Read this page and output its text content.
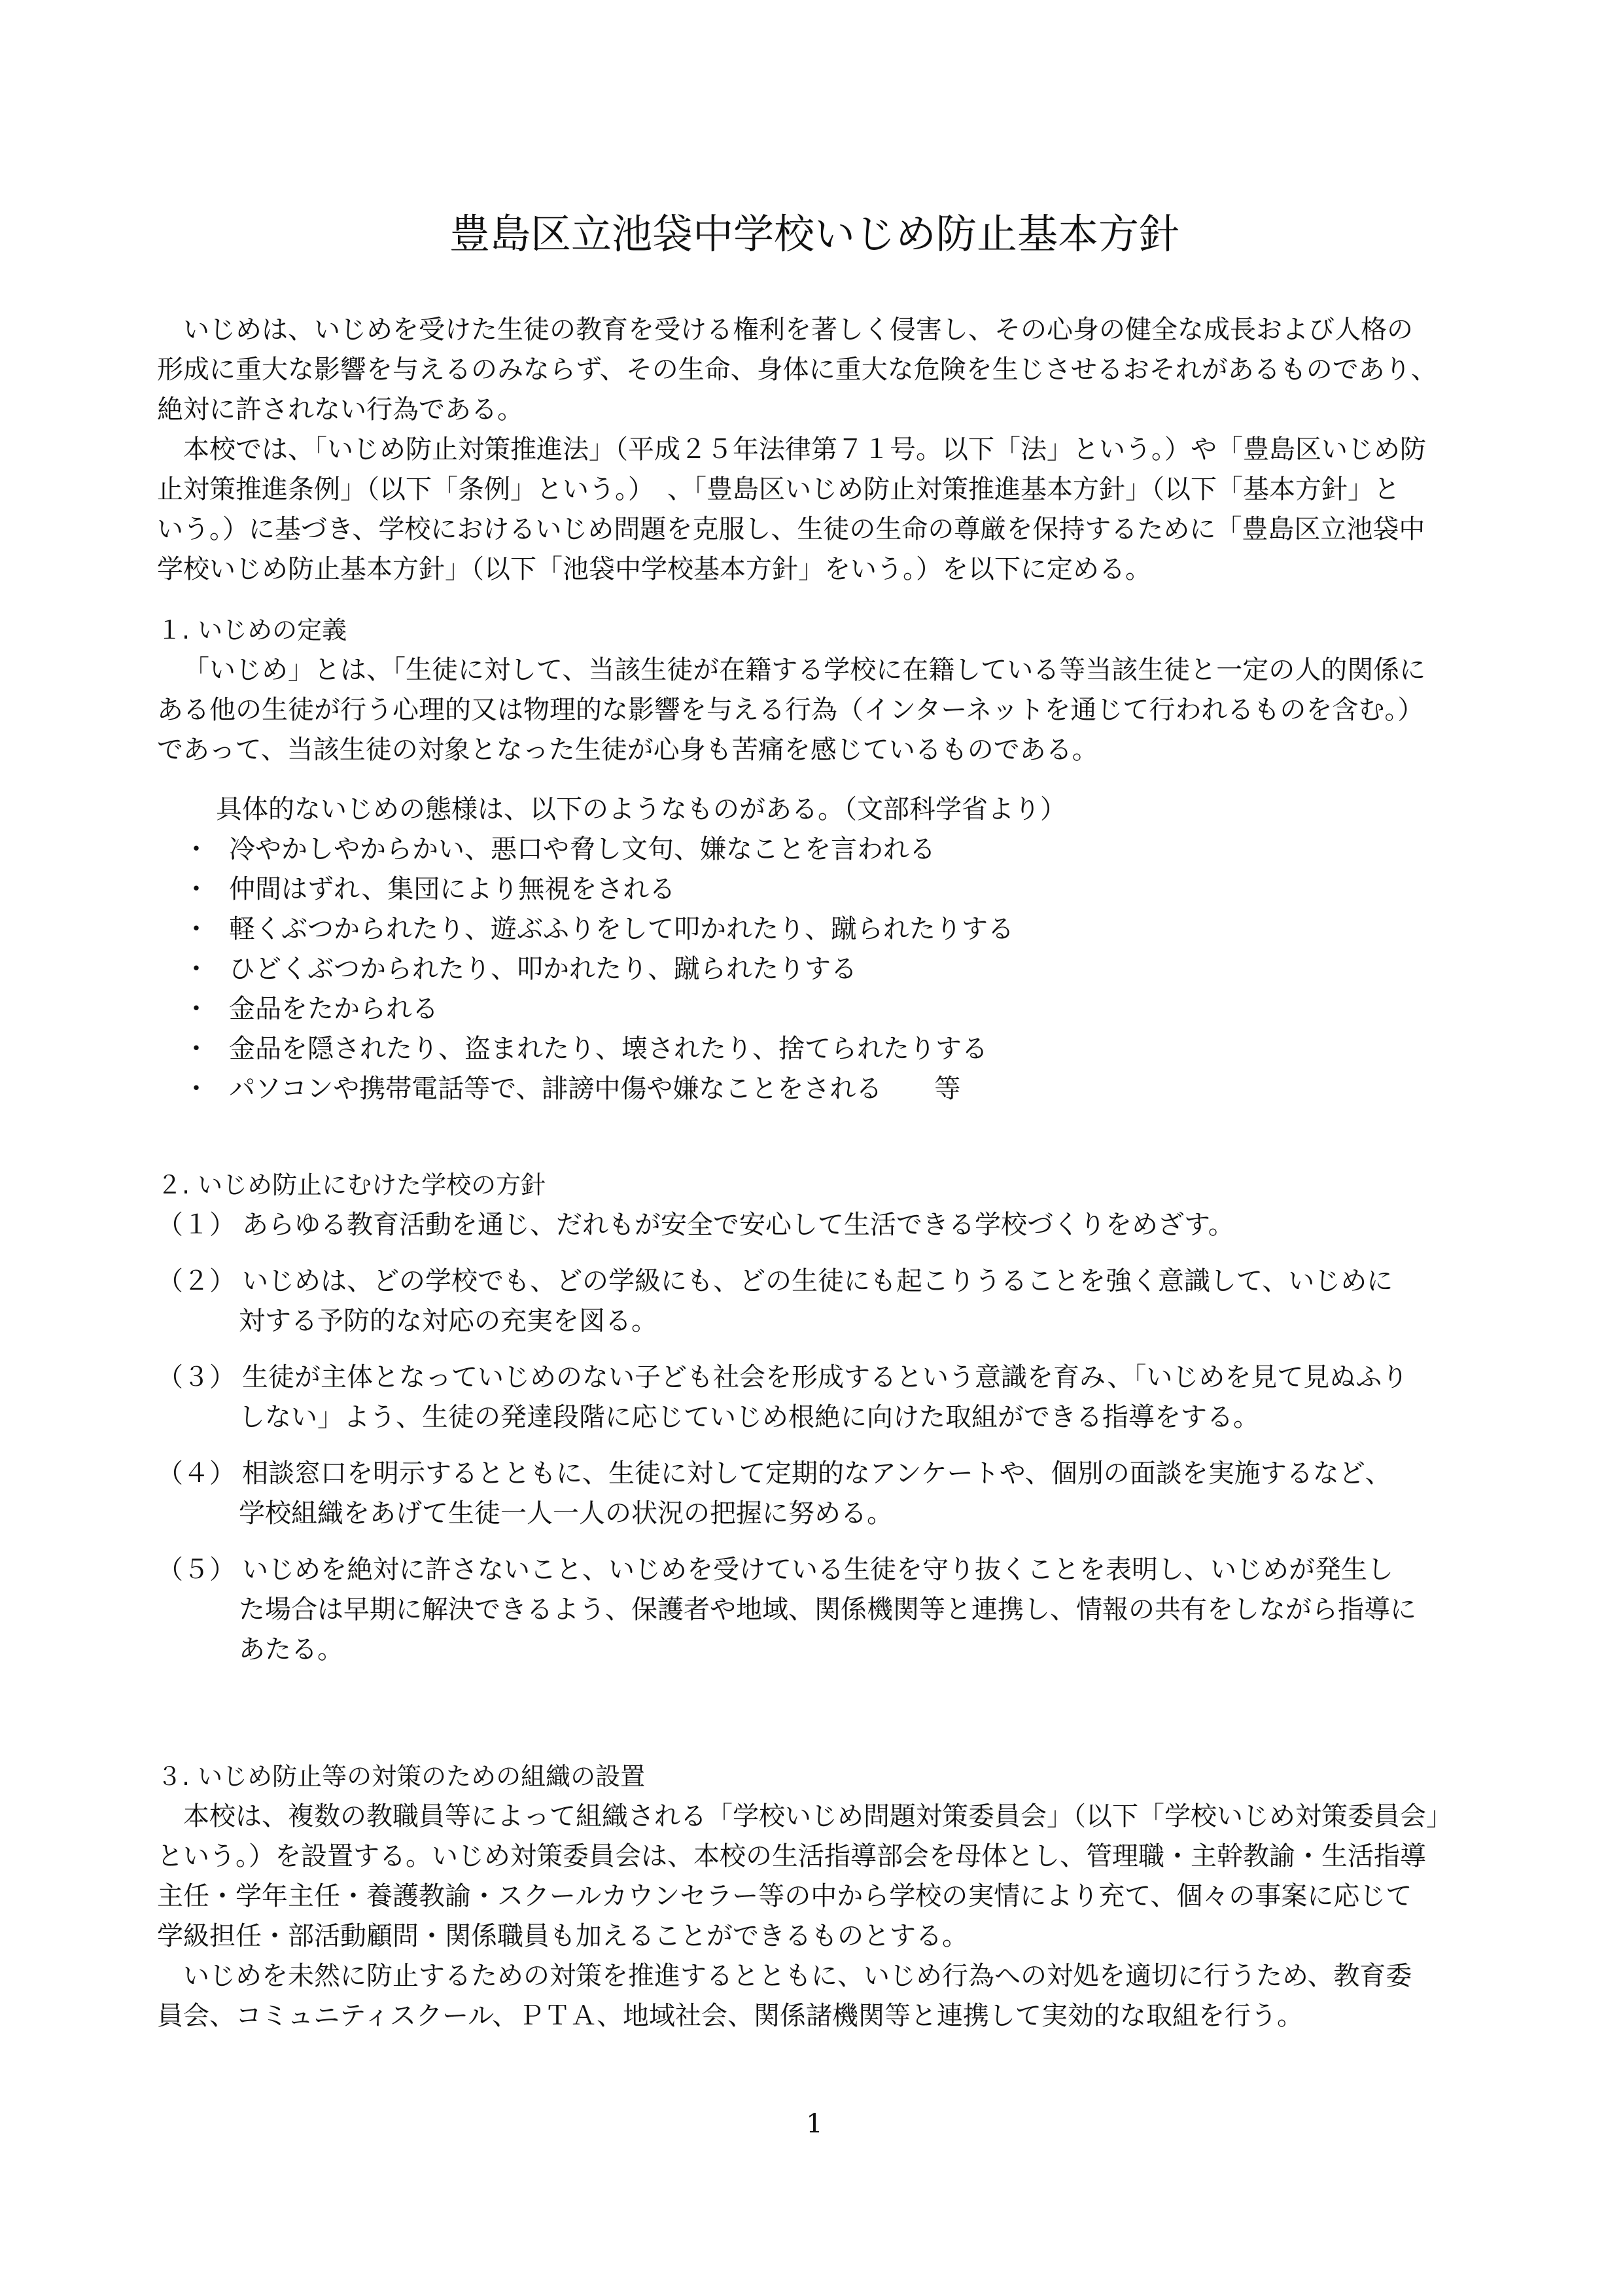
豊島区立池袋中学校いじめ防止基本方針
いじめは、いじめを受けた生徒の教育を受ける権利を著しく侵害し、その心身の健全な成長および人格の
形成に重大な影響を与えるのみならず、その生命、身体に重大な危険を生じさせるおそれがあるものであり、
絶対に許されない行為である。
本校では、「いじめ防止対策推進法」（平成２５年法律第７１号。以下「法」という。）や「豊島区いじめ防
止対策推進条例」（以下「条例」という。）　、「豊島区いじめ防止対策推進基本方針」（以下「基本方針」と
いう。）に基づき、学校におけるいじめ問題を克服し、生徒の生命の尊厳を保持するために「豊島区立池袋中
学校いじめ防止基本方針」（以下「池袋中学校基本方針」をいう。）を以下に定める。
１. いじめの定義
「いじめ」とは、「生徒に対して、当該生徒が在籍する学校に在籍している等当該生徒と一定の人的関係に
ある他の生徒が行う心理的又は物理的な影響を与える行為（インターネットを通じて行われるものを含む。）
であって、当該生徒の対象となった生徒が心身も苦痛を感じているものである。
具体的ないじめの態様は、以下のようなものがある。（文部科学省より）
・ 冷やかしやからかい、悪口や脅し文句、嫌なことを言われる
・ 仲間はずれ、集団により無視をされる
・ 軽くぶつかられたり、遊ぶふりをして叩かれたり、蹴られたりする
・ ひどくぶつかられたり、叩かれたり、蹴られたりする
・ 金品をたかられる
・ 金品を隠されたり、盗まれたり、壊されたり、捨てられたりする
・ パソコンや携帯電話等で、誹謗中傷や嫌なことをされる　　等
２. いじめ防止にむけた学校の方針
（１） あらゆる教育活動を通じ、だれもが安全で安心して生活できる学校づくりをめざす。
（２） いじめは、どの学校でも、どの学級にも、どの生徒にも起こりうることを強く意識して、いじめに
対する予防的な対応の充実を図る。
（３） 生徒が主体となっていじめのない子ども社会を形成するという意識を育み、「いじめを見て見ぬふり
しない」よう、生徒の発達段階に応じていじめ根絶に向けた取組ができる指導をする。
（４） 相談窓口を明示するとともに、生徒に対して定期的なアンケートや、個別の面談を実施するなど、
学校組織をあげて生徒一人一人の状況の把握に努める。
（５） いじめを絶対に許さないこと、いじめを受けている生徒を守り抜くことを表明し、いじめが発生し
た場合は早期に解決できるよう、保護者や地域、関係機関等と連携し、情報の共有をしながら指導に
あたる。
３. いじめ防止等の対策のための組織の設置
本校は、複数の教職員等によって組織される「学校いじめ問題対策委員会」（以下「学校いじめ対策委員会」
という。）を設置する。いじめ対策委員会は、本校の生活指導部会を母体とし、管理職・主幹教諭・生活指導
主任・学年主任・養護教諭・スクールカウンセラー等の中から学校の実情により充て、個々の事案に応じて
学級担任・部活動顧問・関係職員も加えることができるものとする。
いじめを未然に防止するための対策を推進するとともに、いじめ行為への対処を適切に行うため、教育委
員会、コミュニティスクール、ＰＴＡ、地域社会、関係諸機関等と連携して実効的な取組を行う。
1
